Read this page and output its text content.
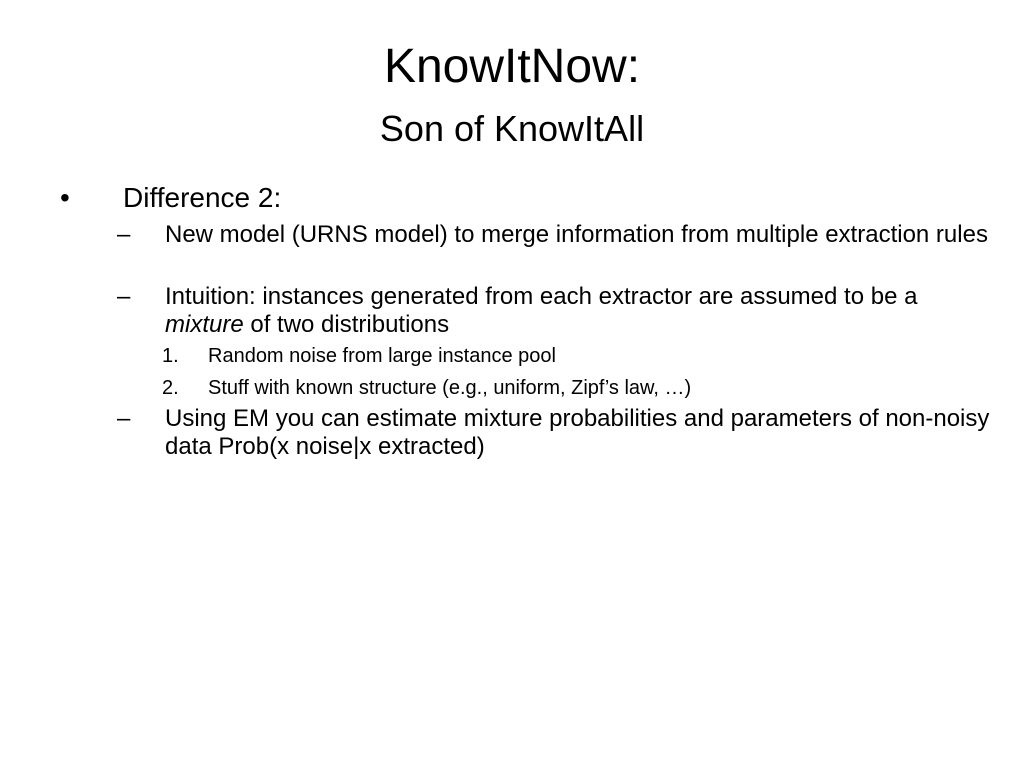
KnowItNow:
Son of KnowItAll
• Difference 2:
– New model (URNS model) to merge information from multiple extraction rules
– Intuition: instances generated from each extractor are assumed to be a mixture of two distributions
1. Random noise from large instance pool
2. Stuff with known structure (e.g., uniform, Zipf’s law, …)
– Using EM you can estimate mixture probabilities and parameters of non-noisy data Prob(x noise|x extracted)
